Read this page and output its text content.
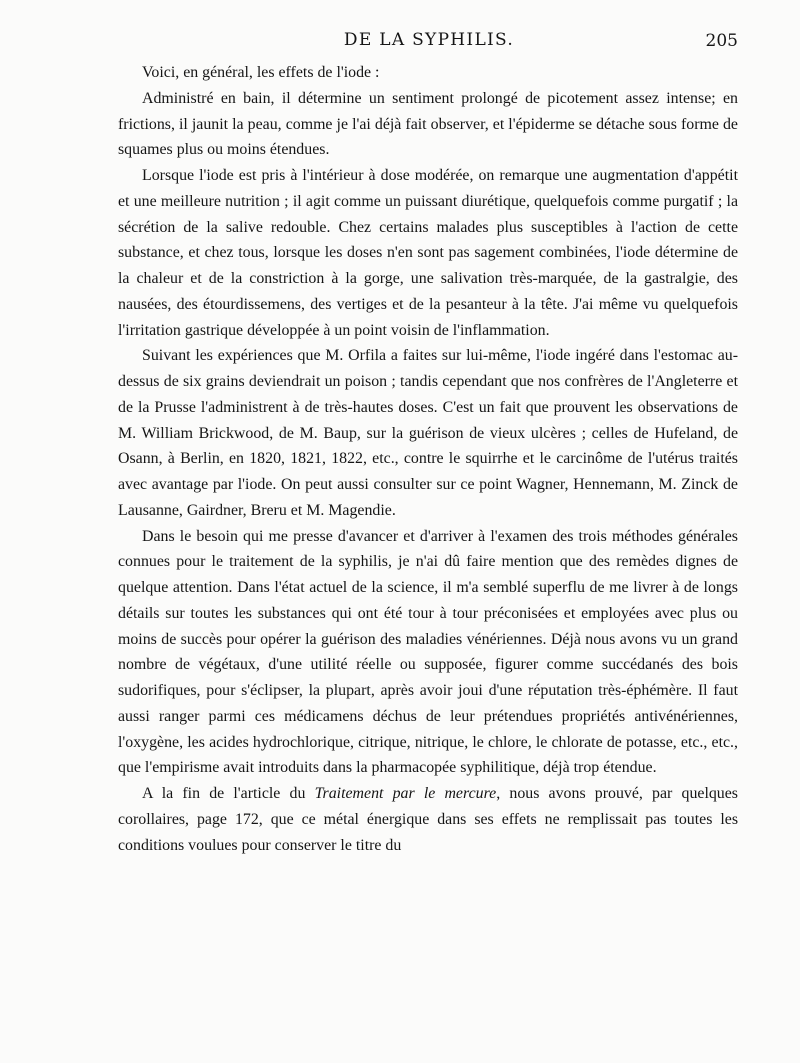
DE LA SYPHILIS.	205

Voici, en général, les effets de l'iode :

Administré en bain, il détermine un sentiment prolongé de picotement assez intense; en frictions, il jaunit la peau, comme je l'ai déjà fait observer, et l'épiderme se détache sous forme de squames plus ou moins étendues.

Lorsque l'iode est pris à l'intérieur à dose modérée, on remarque une augmentation d'appétit et une meilleure nutrition ; il agit comme un puissant diurétique, quelquefois comme purgatif ; la sécrétion de la salive redouble. Chez certains malades plus susceptibles à l'action de cette substance, et chez tous, lorsque les doses n'en sont pas sagement combinées, l'iode détermine de la chaleur et de la constriction à la gorge, une salivation très-marquée, de la gastralgie, des nausées, des étourdissemens, des vertiges et de la pesanteur à la tête. J'ai même vu quelquefois l'irritation gastrique développée à un point voisin de l'inflammation.

Suivant les expériences que M. Orfila a faites sur lui-même, l'iode ingéré dans l'estomac au-dessus de six grains deviendrait un poison ; tandis cependant que nos confrères de l'Angleterre et de la Prusse l'administrent à de très-hautes doses. C'est un fait que prouvent les observations de M. William Brickwood, de M. Baup, sur la guérison de vieux ulcères ; celles de Hufeland, de Osann, à Berlin, en 1820, 1821, 1822, etc., contre le squirrhe et le carcinôme de l'utérus traités avec avantage par l'iode. On peut aussi consulter sur ce point Wagner, Hennemann, M. Zinck de Lausanne, Gairdner, Breru et M. Magendie.

Dans le besoin qui me presse d'avancer et d'arriver à l'examen des trois méthodes générales connues pour le traitement de la syphilis, je n'ai dû faire mention que des remèdes dignes de quelque attention. Dans l'état actuel de la science, il m'a semblé superflu de me livrer à de longs détails sur toutes les substances qui ont été tour à tour préconisées et employées avec plus ou moins de succès pour opérer la guérison des maladies vénériennes. Déjà nous avons vu un grand nombre de végétaux, d'une utilité réelle ou supposée, figurer comme succédanés des bois sudorifiques, pour s'éclipser, la plupart, après avoir joui d'une réputation très-éphémère. Il faut aussi ranger parmi ces médicamens déchus de leur prétendues propriétés antivénériennes, l'oxygène, les acides hydrochlorique, citrique, nitrique, le chlore, le chlorate de potasse, etc., etc., que l'empirisme avait introduits dans la pharmacopée syphilitique, déjà trop étendue.

A la fin de l'article du Traitement par le mercure, nous avons prouvé, par quelques corollaires, page 172, que ce métal énergique dans ses effets ne remplissait pas toutes les conditions voulues pour conserver le titre du
